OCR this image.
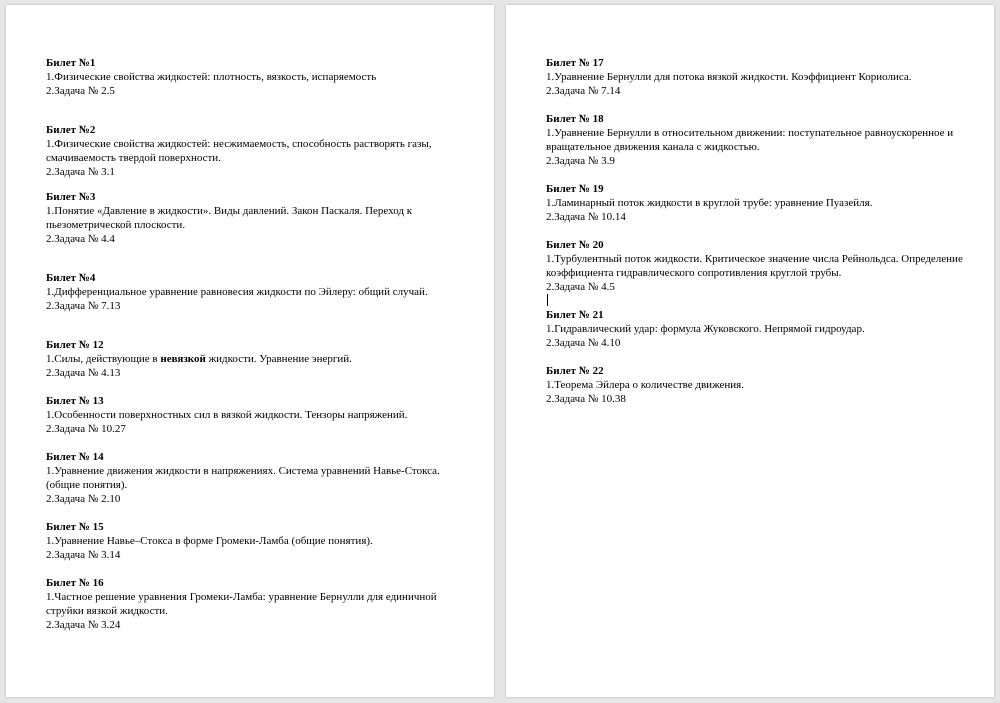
Билет №1
1.Физические свойства жидкостей: плотность, вязкость, испаряемость
2.Задача № 2.5
Билет №2
1.Физические свойства жидкостей: несжимаемость, способность растворять газы, смачиваемость твердой поверхности.
2.Задача № 3.1
Билет №3
1.Понятие «Давление в жидкости». Виды давлений. Закон Паскаля. Переход к пьезометрической плоскости.
2.Задача № 4.4
Билет №4
1.Дифференциальное уравнение равновесия жидкости по Эйлеру: общий случай.
2.Задача № 7.13
Билет № 12
1.Силы, действующие в невязкой жидкости. Уравнение энергий.
2.Задача № 4.13
Билет № 13
1.Особенности поверхностных сил в вязкой жидкости. Тензоры напряжений.
2.Задача № 10.27
Билет № 14
1.Уравнение движения жидкости в напряжениях. Система уравнений Навье-Стокса. (общие понятия).
2.Задача № 2.10
Билет № 15
1.Уравнение Навье–Стокса в форме Громеки-Ламба (общие понятия).
2.Задача № 3.14
Билет № 16
1.Частное решение уравнения Громеки-Ламба: уравнение Бернулли для единичной струйки вязкой жидкости.
2.Задача № 3.24
Билет № 17
1.Уравнение Бернулли для потока вязкой жидкости. Коэффициент Кориолиса.
2.Задача № 7.14
Билет № 18
1.Уравнение Бернулли в относительном движении: поступательное равноускоренное и вращательное движения канала с жидкостью.
2.Задача № 3.9
Билет № 19
1.Ламинарный поток жидкости в круглой трубе: уравнение Пуазейля.
2.Задача № 10.14
Билет № 20
1.Турбулентный поток жидкости. Критическое значение числа Рейнольдса. Определение коэффициента гидравлического сопротивления круглой трубы.
2.Задача № 4.5
Билет № 21
1.Гидравлический удар: формула Жуковского. Непрямой гидроудар.
2.Задача № 4.10
Билет № 22
1.Теорема Эйлера о количестве движения.
2.Задача № 10.38
